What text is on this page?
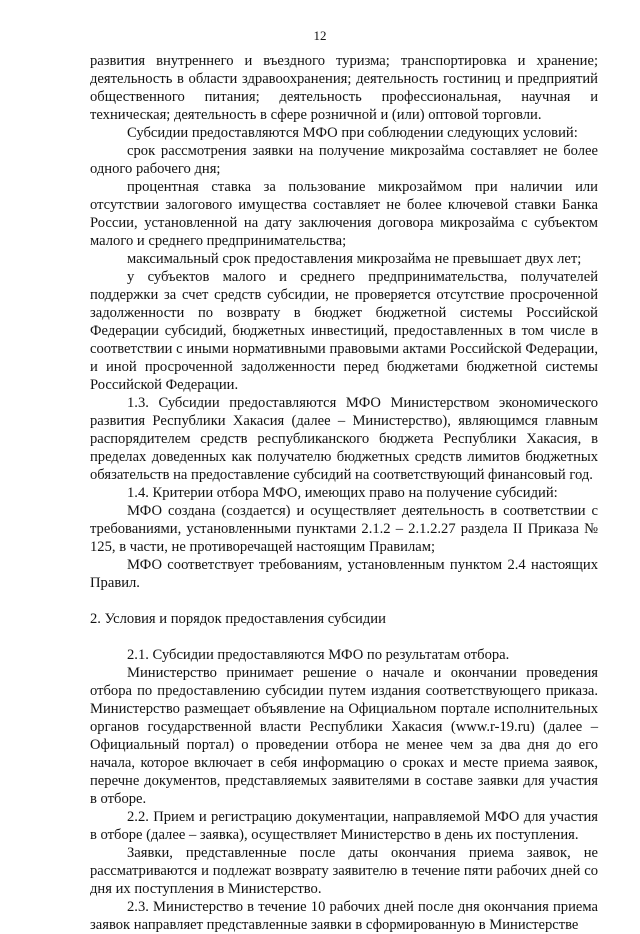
12

развития внутреннего и въездного туризма; транспортировка и хранение; деятельность в области здравоохранения; деятельность гостиниц и предприятий общественного питания; деятельность профессиональная, научная и техническая; деятельность в сфере розничной и (или) оптовой торговли.

Субсидии предоставляются МФО при соблюдении следующих условий:

срок рассмотрения заявки на получение микрозайма составляет не более одного рабочего дня;

процентная ставка за пользование микрозаймом при наличии или отсутствии залогового имущества составляет не более ключевой ставки Банка России, установленной на дату заключения договора микрозайма с субъектом малого и среднего предпринимательства;

максимальный срок предоставления микрозайма не превышает двух лет;

у субъектов малого и среднего предпринимательства, получателей поддержки за счет средств субсидии, не проверяется отсутствие просроченной задолженности по возврату в бюджет бюджетной системы Российской Федерации субсидий, бюджетных инвестиций, предоставленных в том числе в соответствии с иными нормативными правовыми актами Российской Федерации, и иной просроченной задолженности перед бюджетами бюджетной системы Российской Федерации.

1.3. Субсидии предоставляются МФО Министерством экономического развития Республики Хакасия (далее – Министерство), являющимся главным распорядителем средств республиканского бюджета Республики Хакасия, в пределах доведенных как получателю бюджетных средств лимитов бюджетных обязательств на предоставление субсидий на соответствующий финансовый год.

1.4. Критерии отбора МФО, имеющих право на получение субсидий:

МФО создана (создается) и осуществляет деятельность в соответствии с требованиями, установленными пунктами 2.1.2 – 2.1.2.27 раздела II Приказа № 125, в части, не противоречащей настоящим Правилам;

МФО соответствует требованиям, установленным пунктом 2.4 настоящих Правил.

2. Условия и порядок предоставления субсидии

2.1. Субсидии предоставляются МФО по результатам отбора.

Министерство принимает решение о начале и окончании проведения отбора по предоставлению субсидии путем издания соответствующего приказа. Министерство размещает объявление на Официальном портале исполнительных органов государственной власти Республики Хакасия (www.r-19.ru) (далее – Официальный портал) о проведении отбора не менее чем за два дня до его начала, которое включает в себя информацию о сроках и месте приема заявок, перечне документов, представляемых заявителями в составе заявки для участия в отборе.

2.2. Прием и регистрацию документации, направляемой МФО для участия в отборе (далее – заявка), осуществляет Министерство в день их поступления.

Заявки, представленные после даты окончания приема заявок, не рассматриваются и подлежат возврату заявителю в течение пяти рабочих дней со дня их поступления в Министерство.

2.3. Министерство в течение 10 рабочих дней после дня окончания приема заявок направляет представленные заявки в сформированную в Министерстве
